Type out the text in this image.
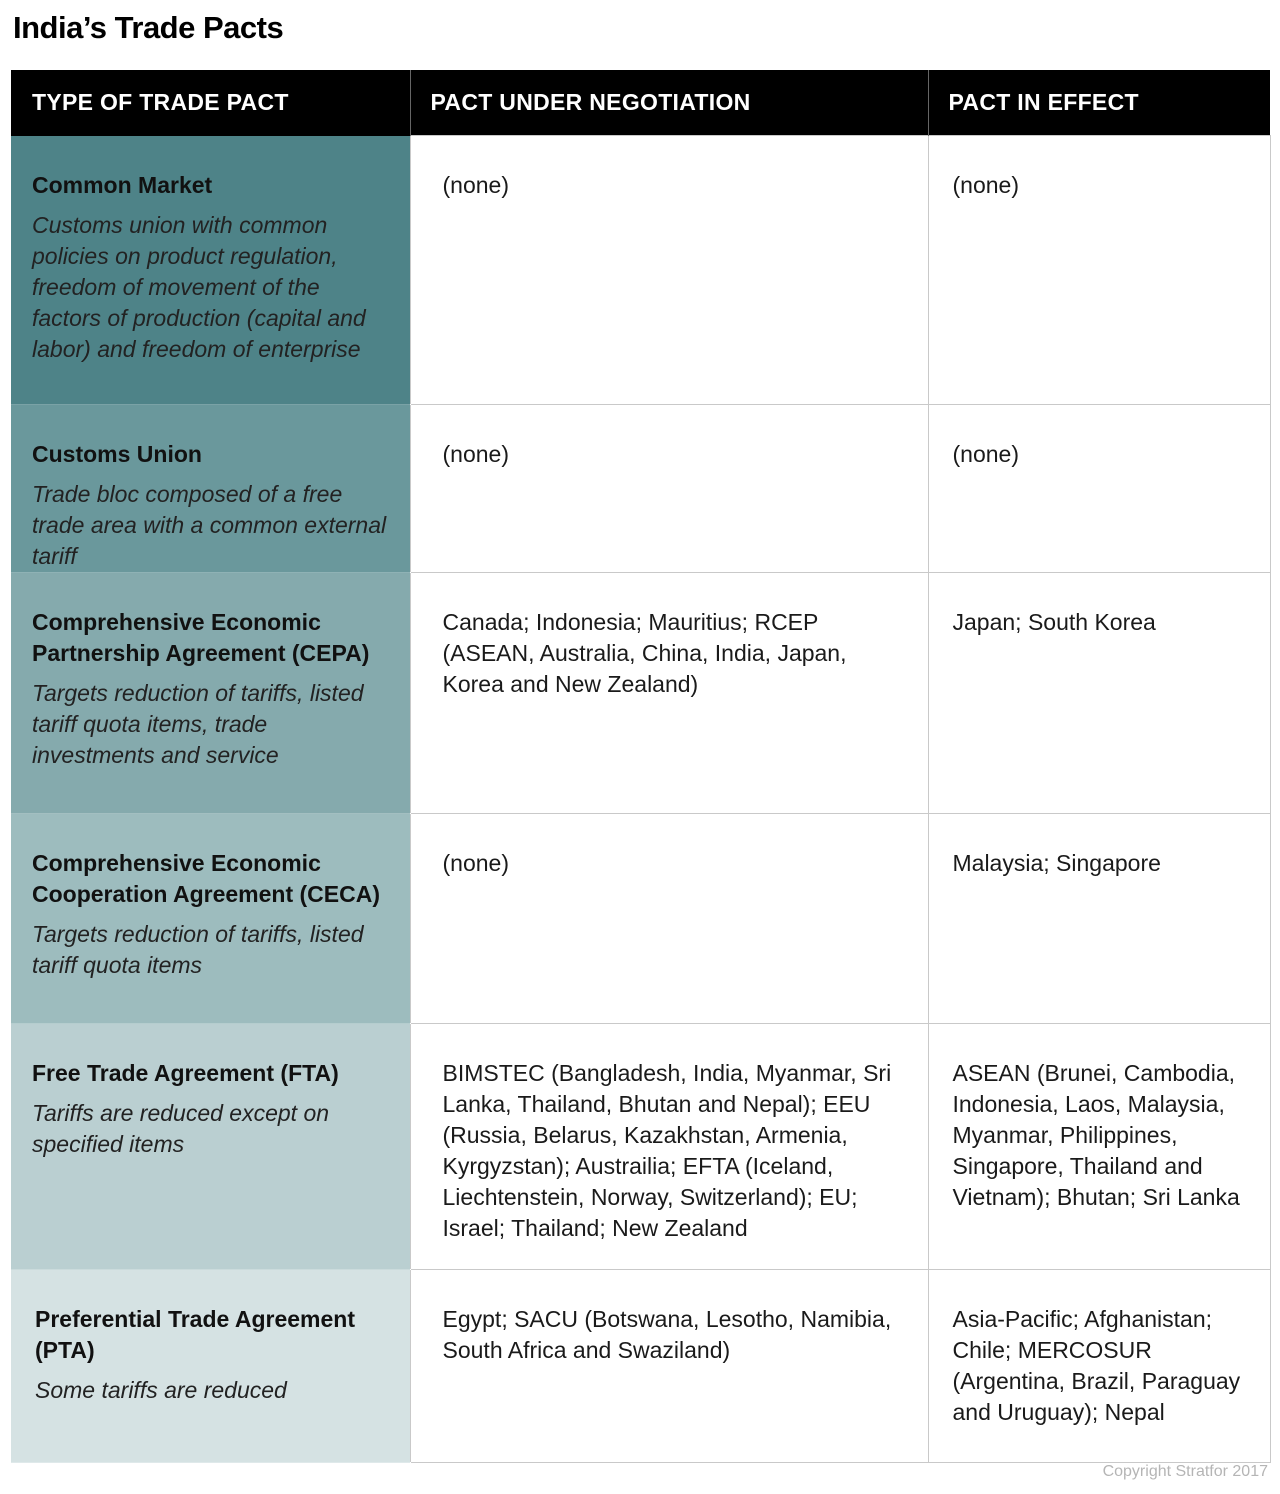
India’s Trade Pacts
TYPE OF TRADE PACT	PACT UNDER NEGOTIATION	PACT IN EFFECT

Common Market
Customs union with common policies on product regulation, freedom of movement of the factors of production (capital and labor) and freedom of enterprise	(none)	(none)

Customs Union
Trade bloc composed of a free trade area with a common external tariff	(none)	(none)

Comprehensive Economic Partnership Agreement (CEPA)
Targets reduction of tariffs, listed tariff quota items, trade investments and service	Canada; Indonesia; Mauritius; RCEP (ASEAN, Australia, China, India, Japan, Korea and New Zealand)	Japan; South Korea

Comprehensive Economic Cooperation Agreement (CECA)
Targets reduction of tariffs, listed tariff quota items	(none)	Malaysia; Singapore

Free Trade Agreement (FTA)
Tariffs are reduced except on specified items	BIMSTEC (Bangladesh, India, Myanmar, Sri Lanka, Thailand, Bhutan and Nepal); EEU (Russia, Belarus, Kazakhstan, Armenia, Kyrgyzstan); Austrailia; EFTA (Iceland, Liechtenstein, Norway, Switzerland); EU; Israel; Thailand; New Zealand	ASEAN (Brunei, Cambodia, Indonesia, Laos, Malaysia, Myanmar, Philippines, Singapore, Thailand and Vietnam); Bhutan; Sri Lanka

Preferential Trade Agreement (PTA)
Some tariffs are reduced	Egypt; SACU (Botswana, Lesotho, Namibia, South Africa and Swaziland)	Asia-Pacific; Afghanistan; Chile; MERCOSUR (Argentina, Brazil, Paraguay and Uruguay); Nepal
Copyright Stratfor 2017
